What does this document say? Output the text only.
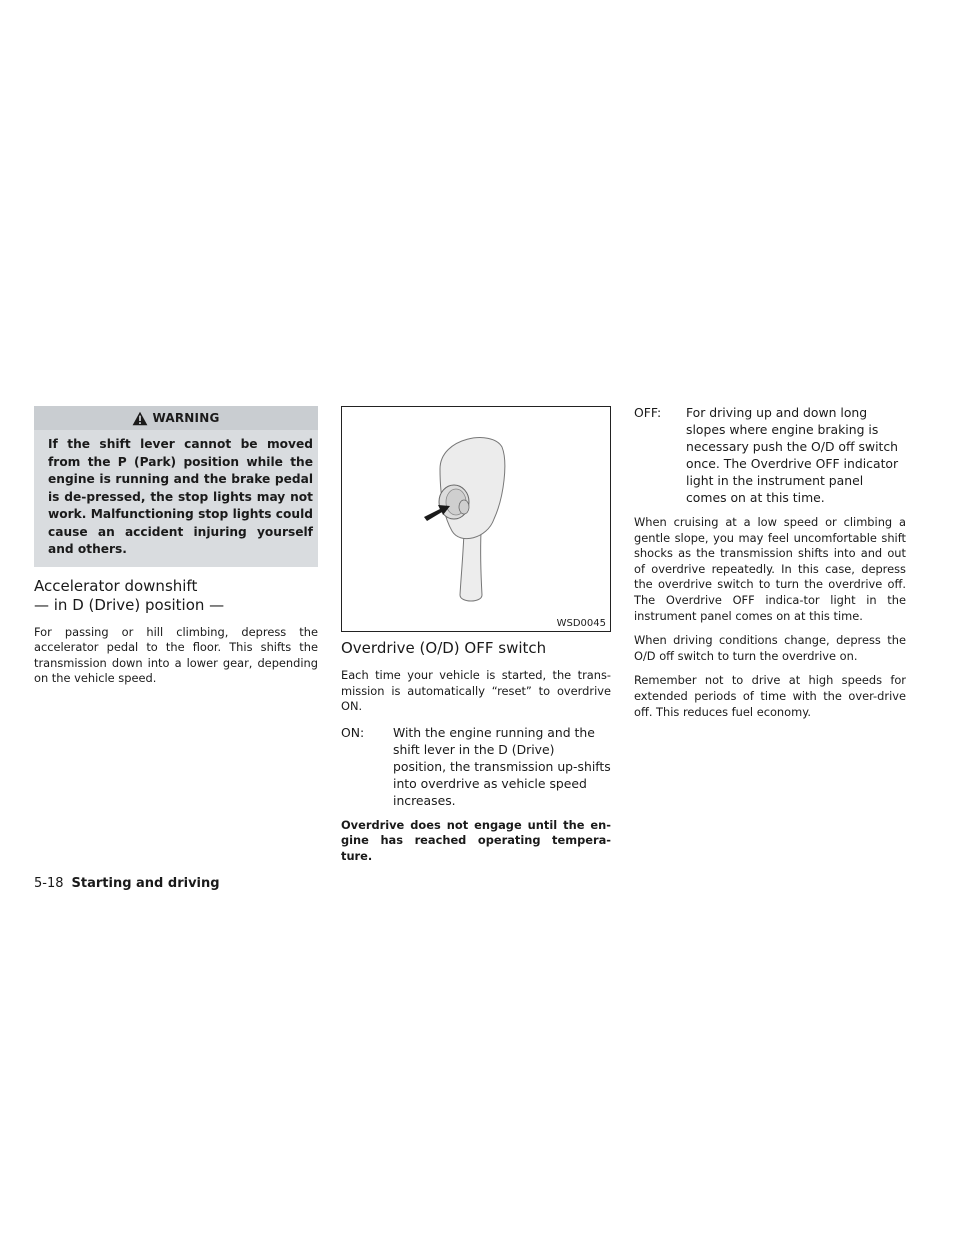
WARNING
If the shift lever cannot be moved from the P (Park) position while the engine is running and the brake pedal is de-pressed, the stop lights may not work. Malfunctioning stop lights could cause an accident injuring yourself and others.
Accelerator downshift
— in D (Drive) position —

For passing or hill climbing, depress the accelerator pedal to the floor. This shifts the transmission down into a lower gear, depending on the vehicle speed.

WSD0045
Overdrive (O/D) OFF switch

Each time your vehicle is started, the trans-mission is automatically “reset” to overdrive ON.

ON:	With the engine running and the shift lever in the D (Drive) position, the transmission up-shifts into overdrive as vehicle speed increases.

Overdrive does not engage until the en-gine has reached operating tempera-ture.

OFF:	For driving up and down long slopes where engine braking is necessary push the O/D off switch once. The Overdrive OFF indicator light in the instrument panel comes on at this time.

When cruising at a low speed or climbing a gentle slope, you may feel uncomfortable shift shocks as the transmission shifts into and out of overdrive repeatedly. In this case, depress the overdrive switch to turn the overdrive off. The Overdrive OFF indica-tor light in the instrument panel comes on at this time.

When driving conditions change, depress the O/D off switch to turn the overdrive on.

Remember not to drive at high speeds for extended periods of time with the over-drive off. This reduces fuel economy.

5-18 Starting and driving
